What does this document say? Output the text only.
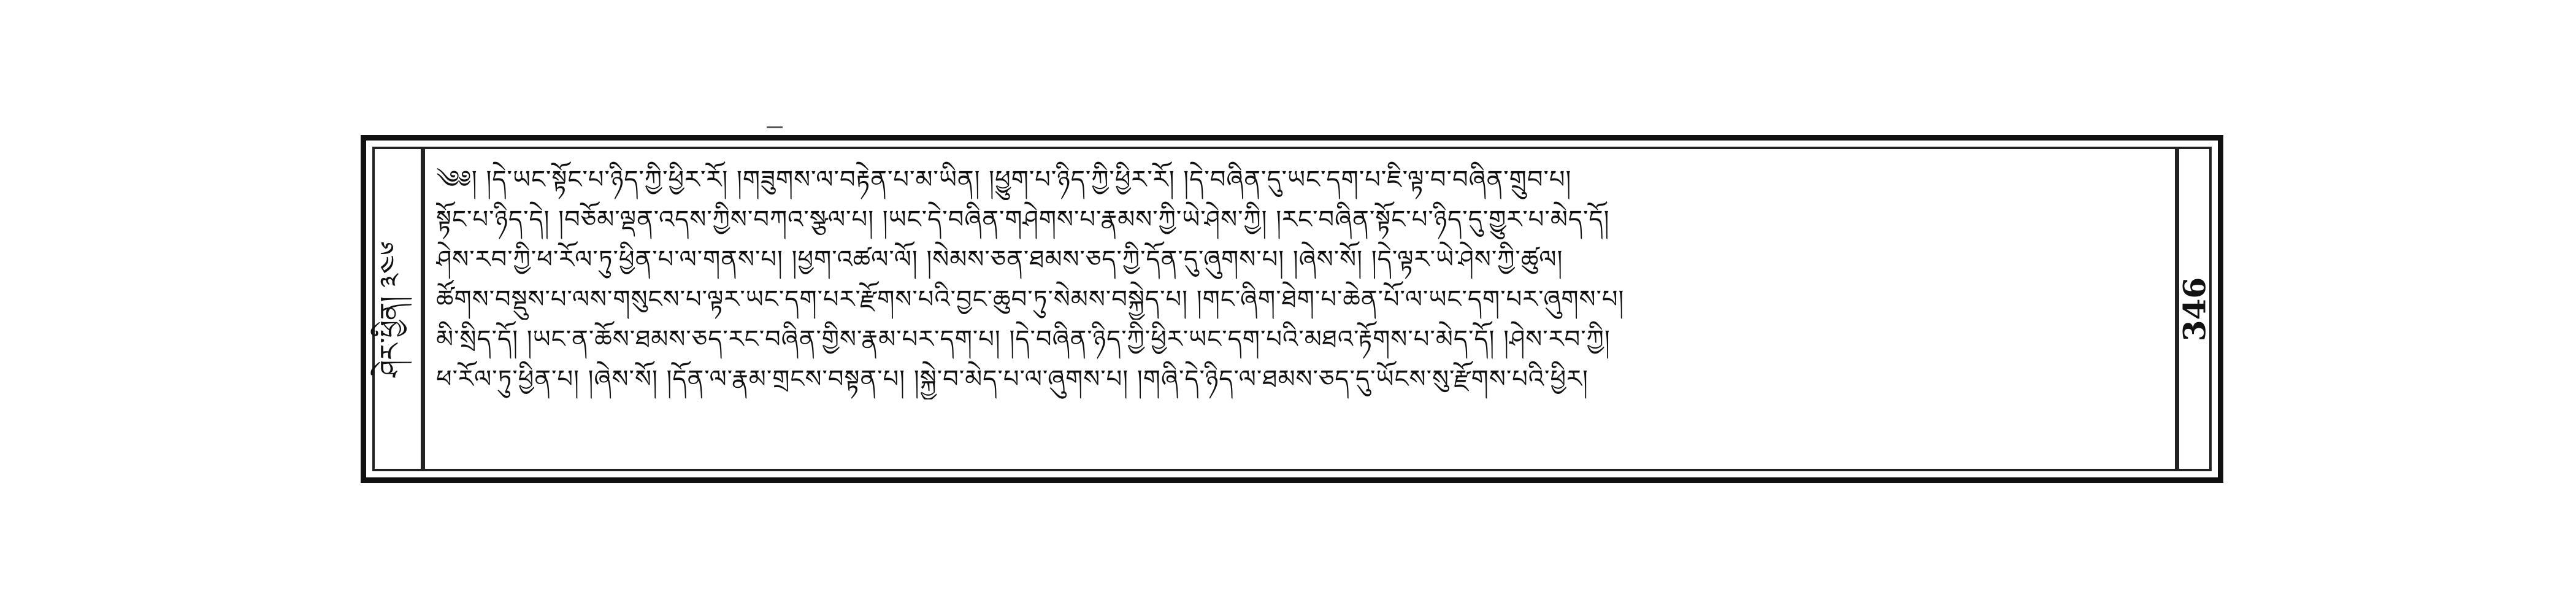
ཤེར་ཕྱིན། ༣༤༦
༄༅། །དེ་ཡང་སྟོང་པ་ཉིད་ཀྱི་ཕྱིར་རོ། །གཟུགས་ལ་བརྟེན་པ་མ་ཡིན། །ཕྱུག་པ་ཉིད་ཀྱི་ཕྱིར་རོ། །དེ་བཞིན་དུ་ཡང་དག་པ་ཇི་ལྟ་བ་བཞིན་གྲུབ་པ།
སྟོང་པ་ཉིད་དེ། །བཅོམ་ལྡན་འདས་ཀྱིས་བཀའ་སྩལ་པ། །ཡང་དེ་བཞིན་གཤེགས་པ་རྣམས་ཀྱི་ཡེ་ཤེས་ཀྱི། །རང་བཞིན་སྟོང་པ་ཉིད་དུ་གྱུར་པ་མེད་དོ།
ཤེས་རབ་ཀྱི་ཕ་རོལ་ཏུ་ཕྱིན་པ་ལ་གནས་པ། །ཕྱག་འཚལ་ལོ། །སེམས་ཅན་ཐམས་ཅད་ཀྱི་དོན་དུ་ཞུགས་པ། །ཞེས་སོ། །དེ་ལྟར་ཡེ་ཤེས་ཀྱི་ཚུལ།
ཚོགས་བསྡུས་པ་ལས་གསུངས་པ་ལྟར་ཡང་དག་པར་རྫོགས་པའི་བྱང་ཆུབ་ཏུ་སེམས་བསྐྱེད་པ། །གང་ཞིག་ཐེག་པ་ཆེན་པོ་ལ་ཡང་དག་པར་ཞུགས་པ།
མི་སྲིད་དོ། །ཡང་ན་ཆོས་ཐམས་ཅད་རང་བཞིན་གྱིས་རྣམ་པར་དག་པ། །དེ་བཞིན་ཉིད་ཀྱི་ཕྱིར་ཡང་དག་པའི་མཐའ་རྟོགས་པ་མེད་དོ། །ཤེས་རབ་ཀྱི།
ཕ་རོལ་ཏུ་ཕྱིན་པ། །ཞེས་སོ། །དོན་ལ་རྣམ་གྲངས་བསྟན་པ། །སྐྱེ་བ་མེད་པ་ལ་ཞུགས་པ། །གཞི་དེ་ཉིད་ལ་ཐམས་ཅད་དུ་ཡོངས་སུ་རྫོགས་པའི་ཕྱིར།
346
